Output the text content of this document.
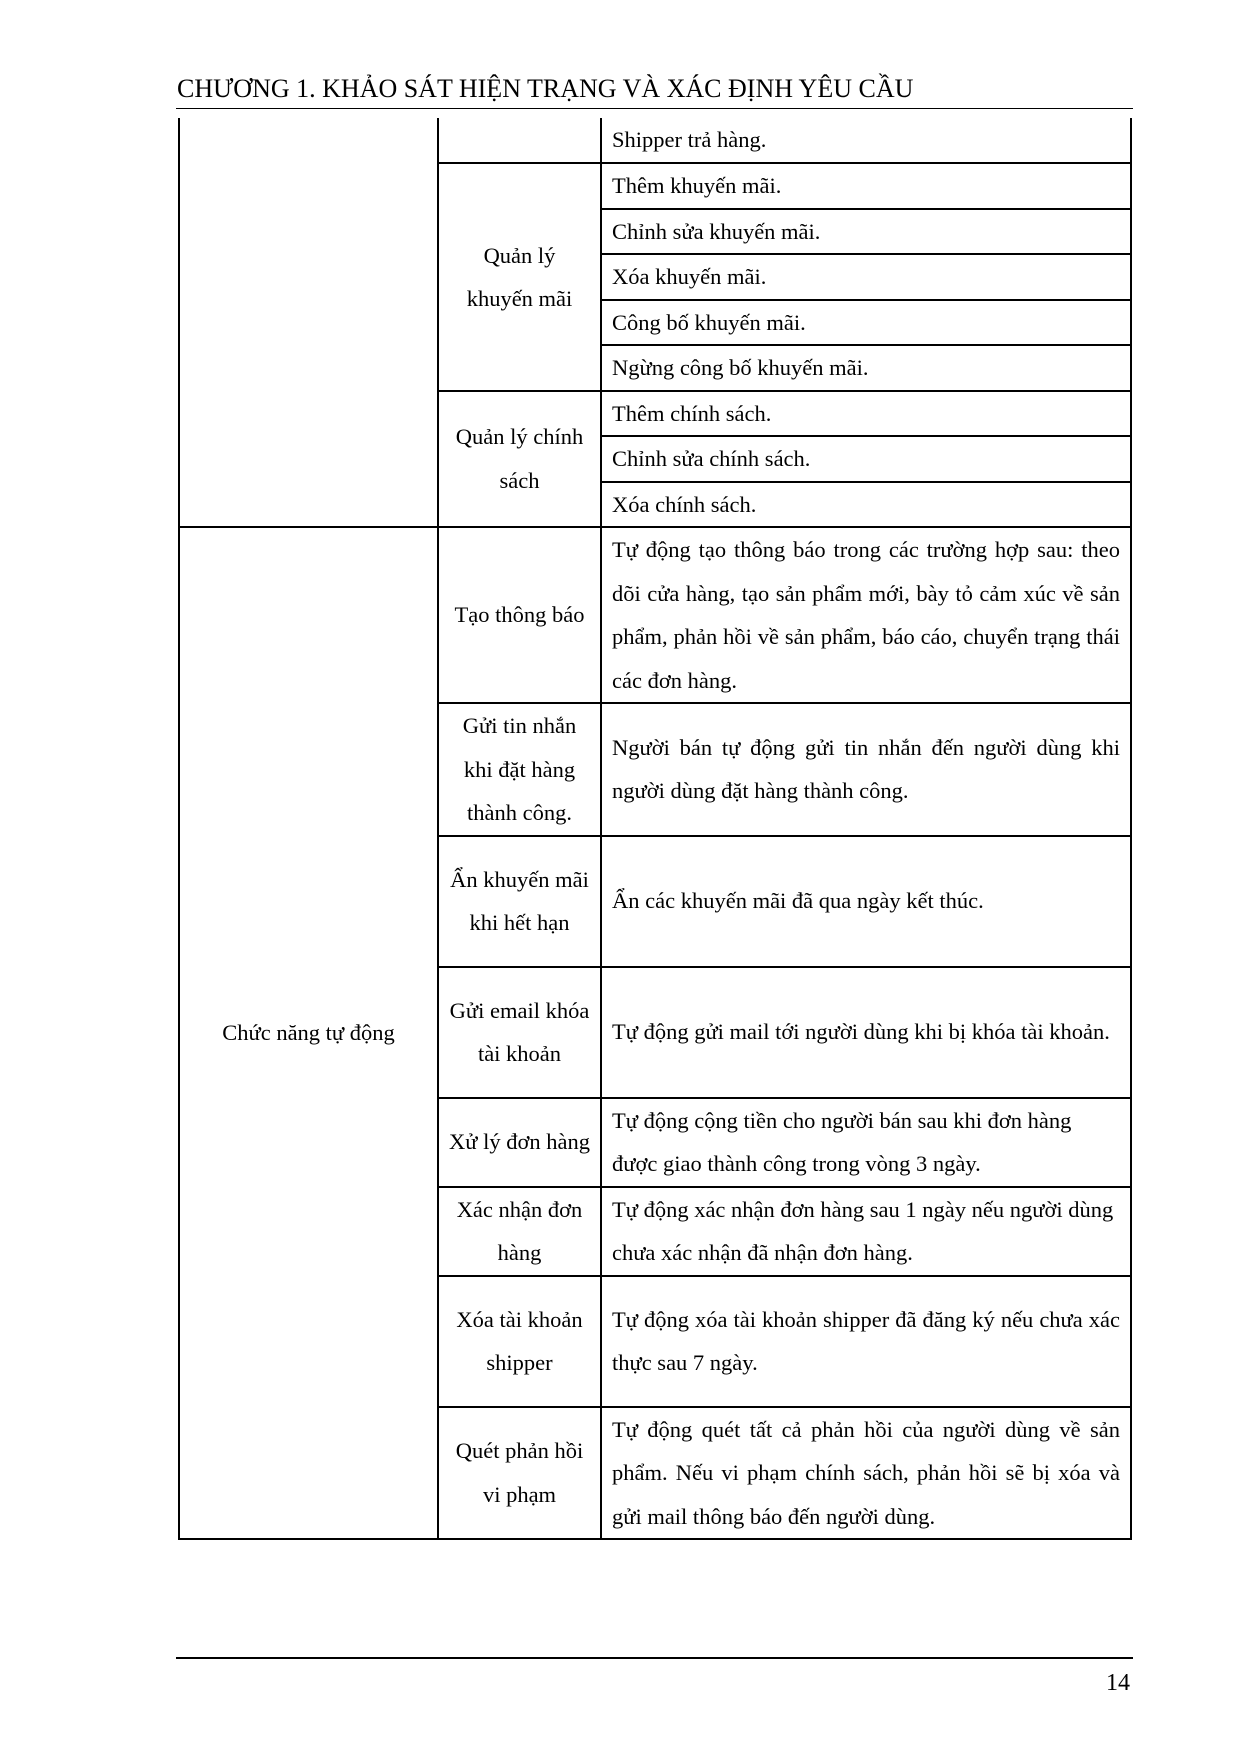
CHƯƠNG 1. KHẢO SÁT HIỆN TRẠNG VÀ XÁC ĐỊNH YÊU CẦU
		Shipper trả hàng.
	Quản lý khuyến mãi	Thêm khuyến mãi.
		Chỉnh sửa khuyến mãi.
		Xóa khuyến mãi.
		Công bố khuyến mãi.
		Ngừng công bố khuyến mãi.
	Quản lý chính sách	Thêm chính sách.
		Chỉnh sửa chính sách.
		Xóa chính sách.

Chức năng tự động	Tạo thông báo	Tự động tạo thông báo trong các trường hợp sau: theo dõi cửa hàng, tạo sản phẩm mới, bày tỏ cảm xúc về sản phẩm, phản hồi về sản phẩm, báo cáo, chuyển trạng thái các đơn hàng.
	Gửi tin nhắn khi đặt hàng thành công.	Người bán tự động gửi tin nhắn đến người dùng khi người dùng đặt hàng thành công.
	Ẩn khuyến mãi khi hết hạn	Ẩn các khuyến mãi đã qua ngày kết thúc.
	Gửi email khóa tài khoản	Tự động gửi mail tới người dùng khi bị khóa tài khoản.
	Xử lý đơn hàng	Tự động cộng tiền cho người bán sau khi đơn hàng được giao thành công trong vòng 3 ngày.
	Xác nhận đơn hàng	Tự động xác nhận đơn hàng sau 1 ngày nếu người dùng chưa xác nhận đã nhận đơn hàng.
	Xóa tài khoản shipper	Tự động xóa tài khoản shipper đã đăng ký nếu chưa xác thực sau 7 ngày.
	Quét phản hồi vi phạm	Tự động quét tất cả phản hồi của người dùng về sản phẩm. Nếu vi phạm chính sách, phản hồi sẽ bị xóa và gửi mail thông báo đến người dùng.
14
